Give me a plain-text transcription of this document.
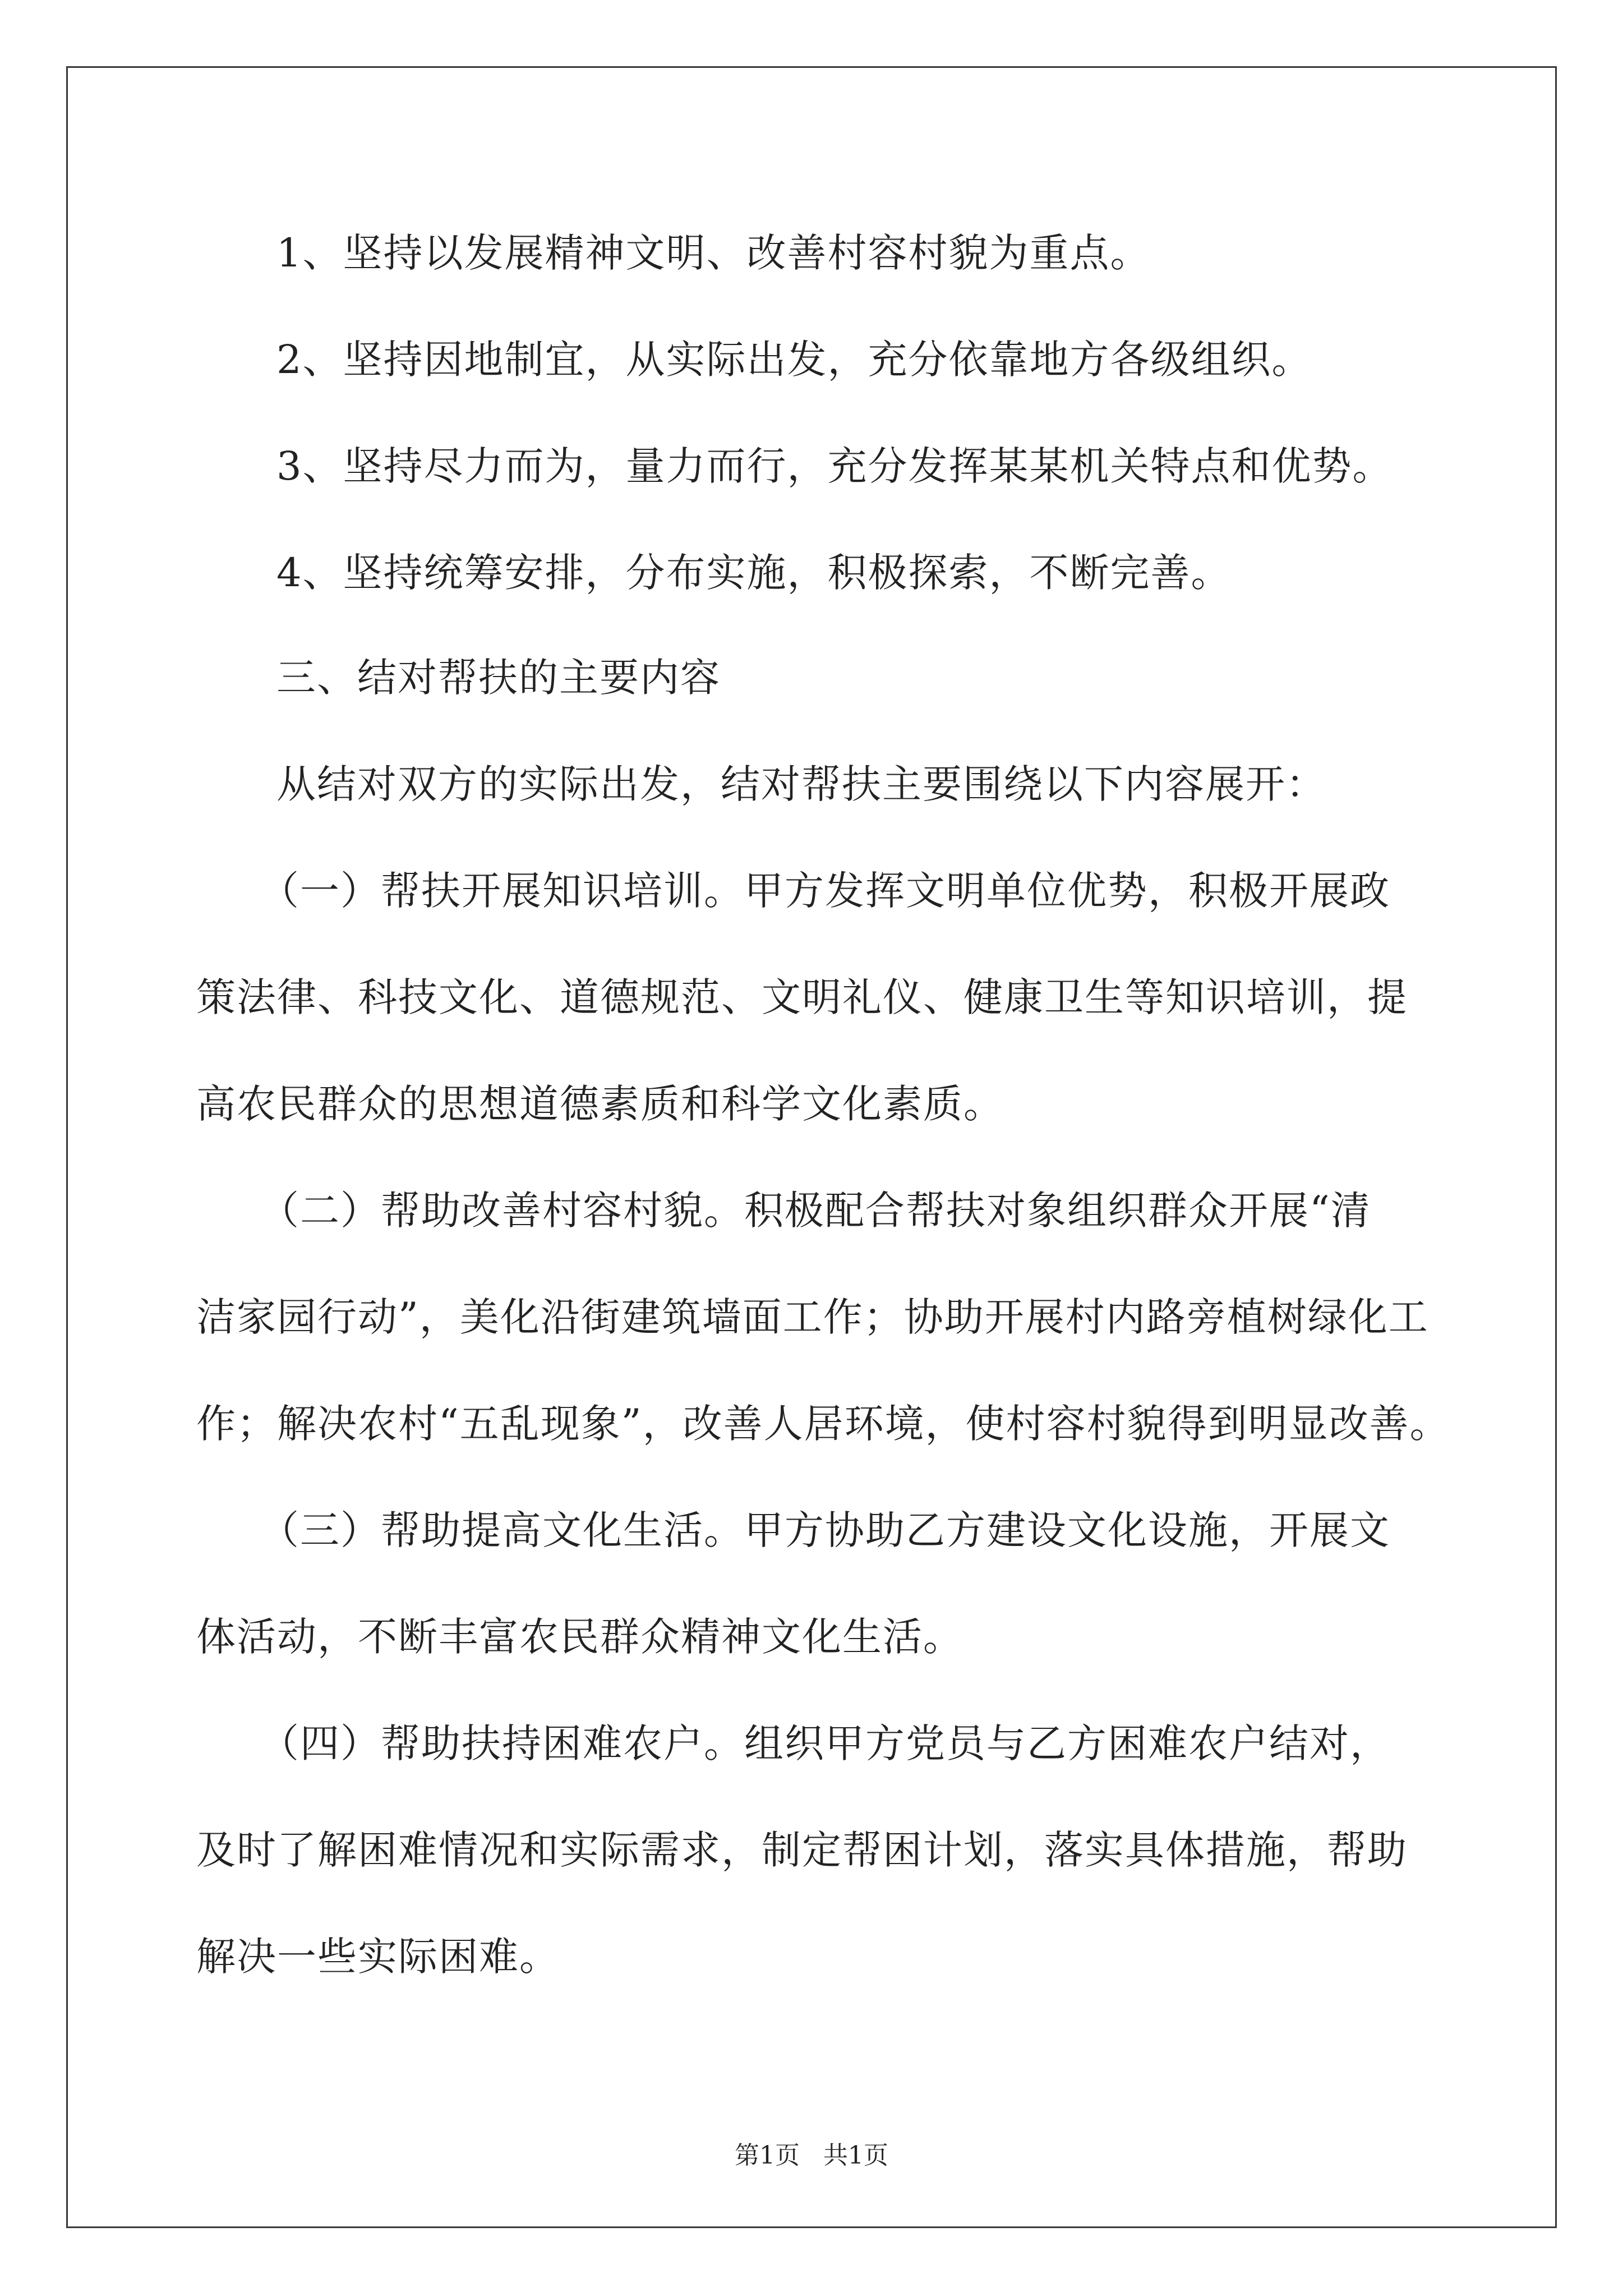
1、坚持以发展精神文明、改善村容村貌为重点。
2、坚持因地制宜，从实际出发，充分依靠地方各级组织。
3、坚持尽力而为，量力而行，充分发挥某某机关特点和优势。
4、坚持统筹安排，分布实施，积极探索，不断完善。
三、结对帮扶的主要内容
从结对双方的实际出发，结对帮扶主要围绕以下内容展开：
（一）帮扶开展知识培训。甲方发挥文明单位优势，积极开展政
策法律、科技文化、道德规范、文明礼仪、健康卫生等知识培训，提
高农民群众的思想道德素质和科学文化素质。
（二）帮助改善村容村貌。积极配合帮扶对象组织群众开展“清
洁家园行动”，美化沿街建筑墙面工作；协助开展村内路旁植树绿化工
作；解决农村“五乱现象”，改善人居环境，使村容村貌得到明显改善。
（三）帮助提高文化生活。甲方协助乙方建设文化设施，开展文
体活动，不断丰富农民群众精神文化生活。
（四）帮助扶持困难农户。组织甲方党员与乙方困难农户结对，
及时了解困难情况和实际需求，制定帮困计划，落实具体措施，帮助
解决一些实际困难。
第1页   共1页
